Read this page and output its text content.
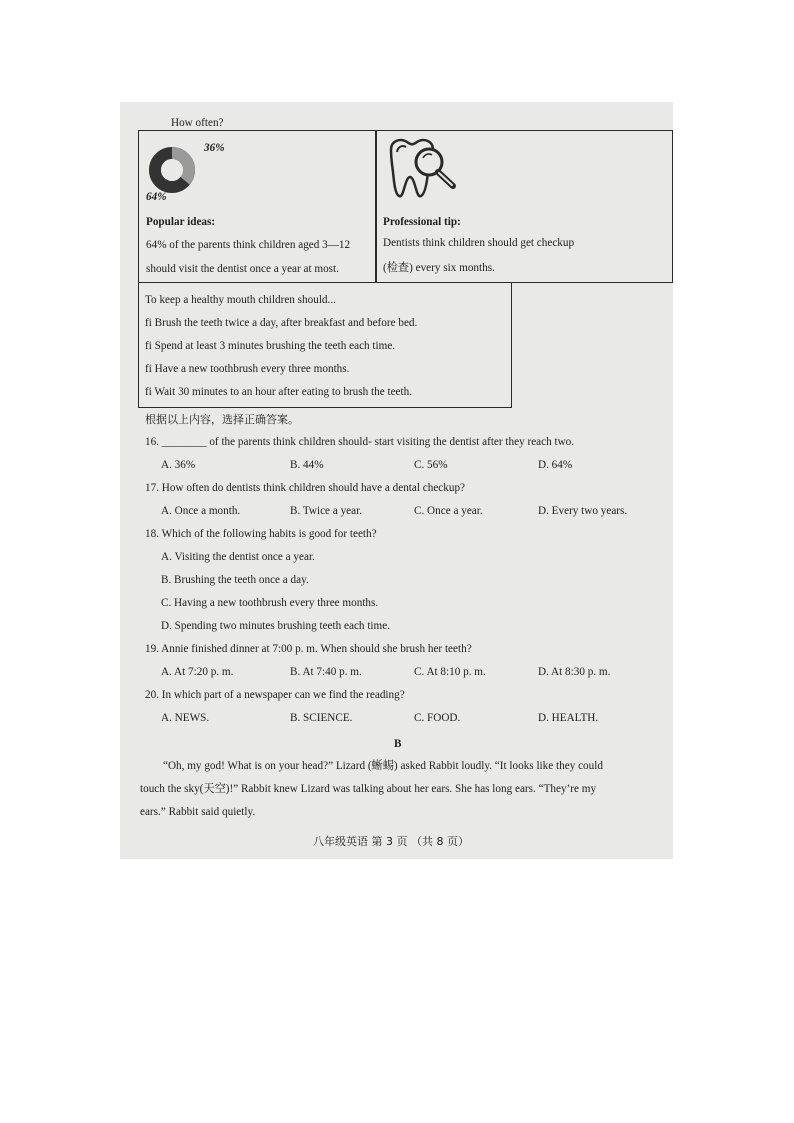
How often?
36%
64%
Popular ideas:
64% of the parents think children aged 3—12
should visit the dentist once a year at most.
Professional tip:
Dentists think children should get checkup
(检查) every six months.
To keep a healthy mouth children should...
fi Brush the teeth twice a day, after breakfast and before bed.
fi Spend at least 3 minutes brushing the teeth each time.
fi Have a new toothbrush every three months.
fi Wait 30 minutes to an hour after eating to brush the teeth.
根据以上内容，选择正确答案。
16. ________ of the parents think children should- start visiting the dentist after they reach two.
A. 36%	B. 44%	C. 56%	D. 64%
17. How often do dentists think children should have a dental checkup?
A. Once a month.	B. Twice a year.	C. Once a year.	D. Every two years.
18. Which of the following habits is good for teeth?
A. Visiting the dentist once a year.
B. Brushing the teeth once a day.
C. Having a new toothbrush every three months.
D. Spending two minutes brushing teeth each time.
19. Annie finished dinner at 7:00 p. m. When should she brush her teeth?
A. At 7:20 p. m.	B. At 7:40 p. m.	C. At 8:10 p. m.	D. At 8:30 p. m.
20. In which part of a newspaper can we find the reading?
A. NEWS.	B. SCIENCE.	C. FOOD.	D. HEALTH.
B
“Oh, my god! What is on your head?” Lizard (蜥蜴) asked Rabbit loudly. “It looks like they could
touch the sky(天空)!” Rabbit knew Lizard was talking about her ears. She has long ears. “They’re my
ears.” Rabbit said quietly.
八年级英语 第 3 页 （共 8 页）
